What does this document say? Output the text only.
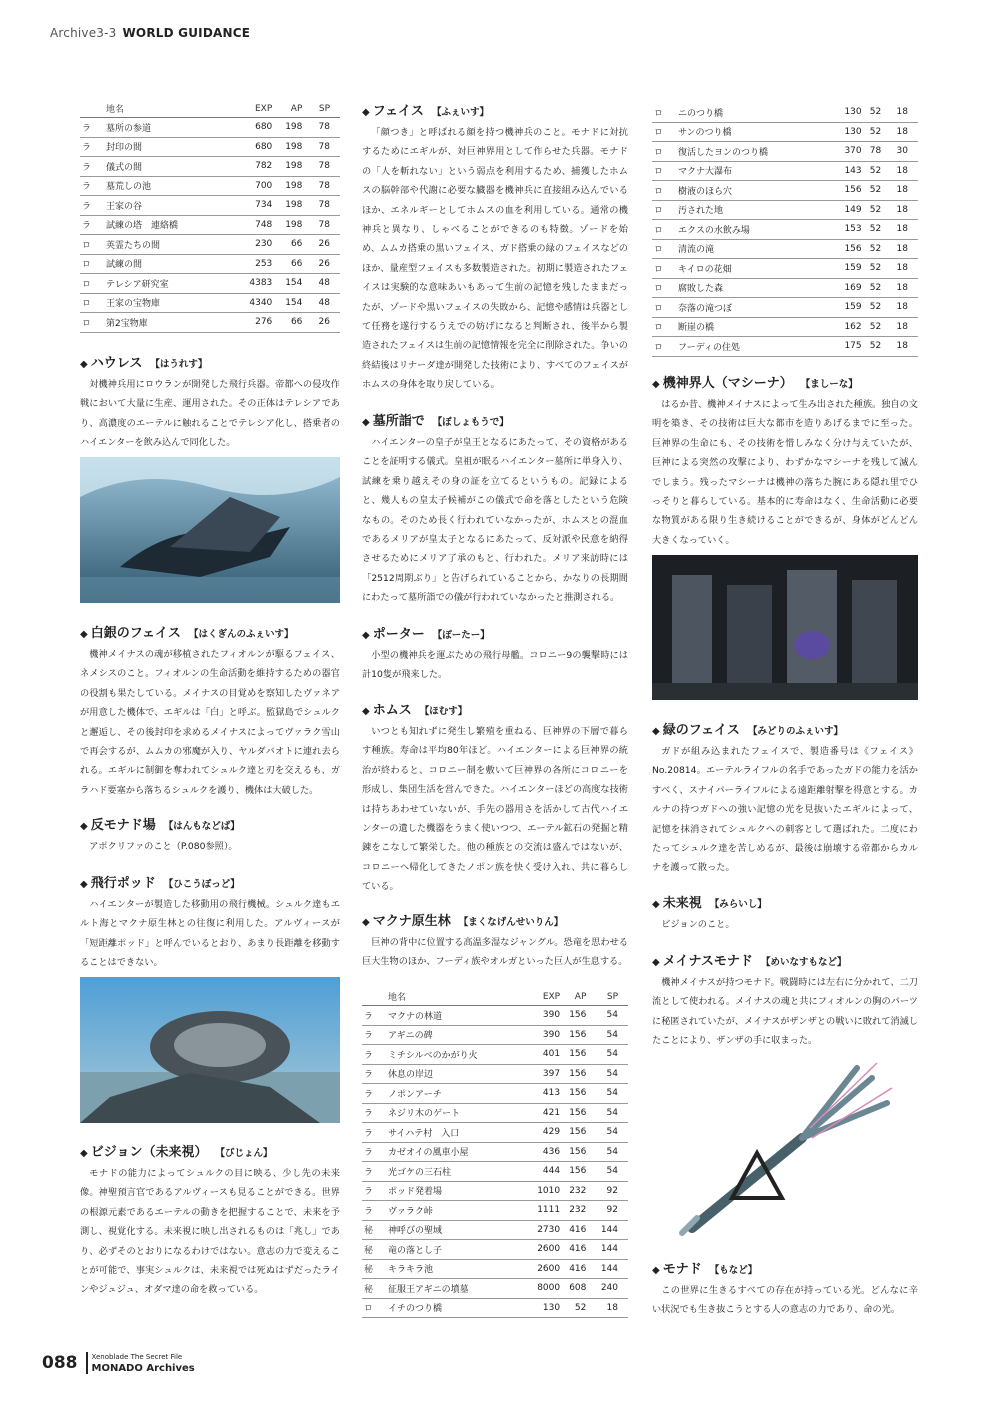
Archive3-3 WORLD GUIDANCE
	地名	EXP	AP	SP
ラ	墓所の参道	680	198	78
ラ	封印の間	680	198	78
ラ	儀式の間	782	198	78
ラ	墓荒しの池	700	198	78
ラ	王家の谷	734	198	78
ラ	試練の塔　連絡橋	748	198	78
ロ	英霊たちの間	230	66	26
ロ	試練の間	253	66	26
ロ	テレシア研究室	4383	154	48
ロ	王家の宝物庫	4340	154	48
ロ	第2宝物庫	276	66	26
◆ ハウレス 【はうれす】

対機神兵用にロウランが開発した飛行兵器。帝都への侵攻作戦において大量に生産、運用された。その正体はテレシアであり、高濃度のエーテルに触れることでテレシア化し、搭乗者のハイエンターを飲み込んで同化した。

◆ 白銀のフェイス 【はくぎんのふぇいす】

機神メイナスの魂が移植されたフィオルンが駆るフェイス、ネメシスのこと。フィオルンの生命活動を維持するための器官の役割も果たしている。メイナスの目覚めを察知したヴァネアが用意した機体で、エギルは「白」と呼ぶ。監獄島でシュルクと邂逅し、その後封印を求めるメイナスによってヴァラク雪山で再会するが、ムムカの邪魔が入り、ヤルダバオトに連れ去られる。エギルに制御を奪われてシュルク達と刃を交えるも、ガラハド要塞から落ちるシュルクを護り、機体は大破した。

◆ 反モナド場 【はんもなどば】

アポクリファのこと（P.080参照）。

◆ 飛行ポッド 【ひこうぽっど】

ハイエンターが製造した移動用の飛行機械。シュルク達もエルト海とマクナ原生林との往復に利用した。アルヴィースが「短距離ポッド」と呼んでいるとおり、あまり長距離を移動することはできない。

◆ ビジョン（未来視） 【びじょん】

モナドの能力によってシュルクの目に映る、少し先の未来像。神聖預言官であるアルヴィースも見ることができる。世界の根源元素であるエーテルの動きを把握することで、未来を予測し、視覚化する。未来視に映し出されるものは「兆し」であり、必ずそのとおりになるわけではない。意志の力で変えることが可能で、事実シュルクは、未来視では死ぬはずだったラインやジュジュ、オダマ達の命を救っている。

◆ フェイス 【ふぇいす】

「顔つき」と呼ばれる顔を持つ機神兵のこと。モナドに対抗するためにエギルが、対巨神界用として作らせた兵器。モナドの「人を斬れない」という弱点を利用するため、捕獲したホムスの脳幹部や代謝に必要な臓器を機神兵に直接組み込んでいるほか、エネルギーとしてホムスの血を利用している。通常の機神兵と異なり、しゃべることができるのも特徴。ゾードを始め、ムムカ搭乗の黒いフェイス、ガド搭乗の緑のフェイスなどのほか、量産型フェイスも多数製造された。初期に製造されたフェイスは実験的な意味あいもあって生前の記憶を残したままだったが、ゾードや黒いフェイスの失敗から、記憶や感情は兵器として任務を遂行するうえでの妨げになると判断され、後半から製造されたフェイスは生前の記憶情報を完全に削除された。争いの終結後はリナーダ達が開発した技術により、すべてのフェイスがホムスの身体を取り戻している。

◆ 墓所詣で 【ぼしょもうで】

ハイエンターの皇子が皇王となるにあたって、その資格があることを証明する儀式。皇祖が眠るハイエンター墓所に単身入り、試練を乗り越えその身の証を立てるというもの。記録によると、幾人もの皇太子候補がこの儀式で命を落としたという危険なもの。そのため長く行われていなかったが、ホムスとの混血であるメリアが皇太子となるにあたって、反対派や民意を納得させるためにメリア了承のもと、行われた。メリア来訪時には「2512周期ぶり」と告げられていることから、かなりの長期間にわたって墓所詣での儀が行われていなかったと推測される。

◆ ポーター 【ぽーたー】

小型の機神兵を運ぶための飛行母艦。コロニー9の襲撃時には計10隻が飛来した。

◆ ホムス 【ほむす】

いつとも知れずに発生し繁殖を重ねる、巨神界の下層で暮らす種族。寿命は平均80年ほど。ハイエンターによる巨神界の統治が終わると、コロニー制を敷いて巨神界の各所にコロニーを形成し、集団生活を営んできた。ハイエンターほどの高度な技術は持ちあわせていないが、手先の器用さを活かして古代ハイエンターの遺した機器をうまく使いつつ、エーテル鉱石の発掘と精錬をこなして繁栄した。他の種族との交流は盛んではないが、コロニーへ帰化してきたノポン族を快く受け入れ、共に暮らしている。

◆ マクナ原生林 【まくなげんせいりん】

巨神の背中に位置する高温多湿なジャングル。恐竜を思わせる巨大生物のほか、フーディ族やオルガといった巨人が生息する。

	地名	EXP	AP	SP
ラ	マクナの林道	390	156	54
ラ	アギニの碑	390	156	54
ラ	ミチシルベのかがり火	401	156	54
ラ	休息の岸辺	397	156	54
ラ	ノポンアーチ	413	156	54
ラ	ネジリ木のゲート	421	156	54
ラ	サイハテ村　入口	429	156	54
ラ	カゼオイの風車小屋	436	156	54
ラ	光ゴケの三石柱	444	156	54
ラ	ポッド発着場	1010	232	92
ラ	ヴァラク峠	1111	232	92
秘	神呼びの聖域	2730	416	144
秘	竜の落とし子	2600	416	144
秘	キラキラ池	2600	416	144
秘	征服王アギニの墳墓	8000	608	240
ロ	イチのつり橋	130	52	18
ロ	ニのつり橋	130	52	18
ロ	サンのつり橋	130	52	18
ロ	復活したヨンのつり橋	370	78	30
ロ	マクナ大瀑布	143	52	18
ロ	樹液のほら穴	156	52	18
ロ	汚された地	149	52	18
ロ	エクスの水飲み場	153	52	18
ロ	清流の滝	156	52	18
ロ	キイロの花畑	159	52	18
ロ	腐敗した森	169	52	18
ロ	奈落の滝つぼ	159	52	18
ロ	断崖の橋	162	52	18
ロ	フーディの住処	175	52	18
◆ 機神界人（マシーナ） 【ましーな】

はるか昔、機神メイナスによって生み出された種族。独自の文明を築き、その技術は巨大な都市を造りあげるまでに至った。巨神界の生命にも、その技術を惜しみなく分け与えていたが、巨神による突然の攻撃により、わずかなマシーナを残して滅んでしまう。残ったマシーナは機神の落ちた腕にある隠れ里でひっそりと暮らしている。基本的に寿命はなく、生命活動に必要な物質がある限り生き続けることができるが、身体がどんどん大きくなっていく。

◆ 緑のフェイス 【みどりのふぇいす】

ガドが組み込まれたフェイスで、製造番号は《フェイス》No.20814。エーテルライフルの名手であったガドの能力を活かすべく、スナイパーライフルによる遠距離射撃を得意とする。カルナの持つガドへの強い記憶の光を見抜いたエギルによって、記憶を抹消されてシュルクへの刺客として選ばれた。二度にわたってシュルク達を苦しめるが、最後は崩壊する帝都からカルナを護って散った。

◆ 未来視 【みらいし】

ビジョンのこと。

◆ メイナスモナド 【めいなすもなど】

機神メイナスが持つモナド。戦闘時には左右に分かれて、二刀流として使われる。メイナスの魂と共にフィオルンの胸のパーツに秘匿されていたが、メイナスがザンザとの戦いに敗れて消滅したことにより、ザンザの手に収まった。

◆ モナド 【もなど】

この世界に生きるすべての存在が持っている光。どんなに辛い状況でも生き抜こうとする人の意志の力であり、命の光。

088 Xenoblade The Secret File
MONADO Archives
